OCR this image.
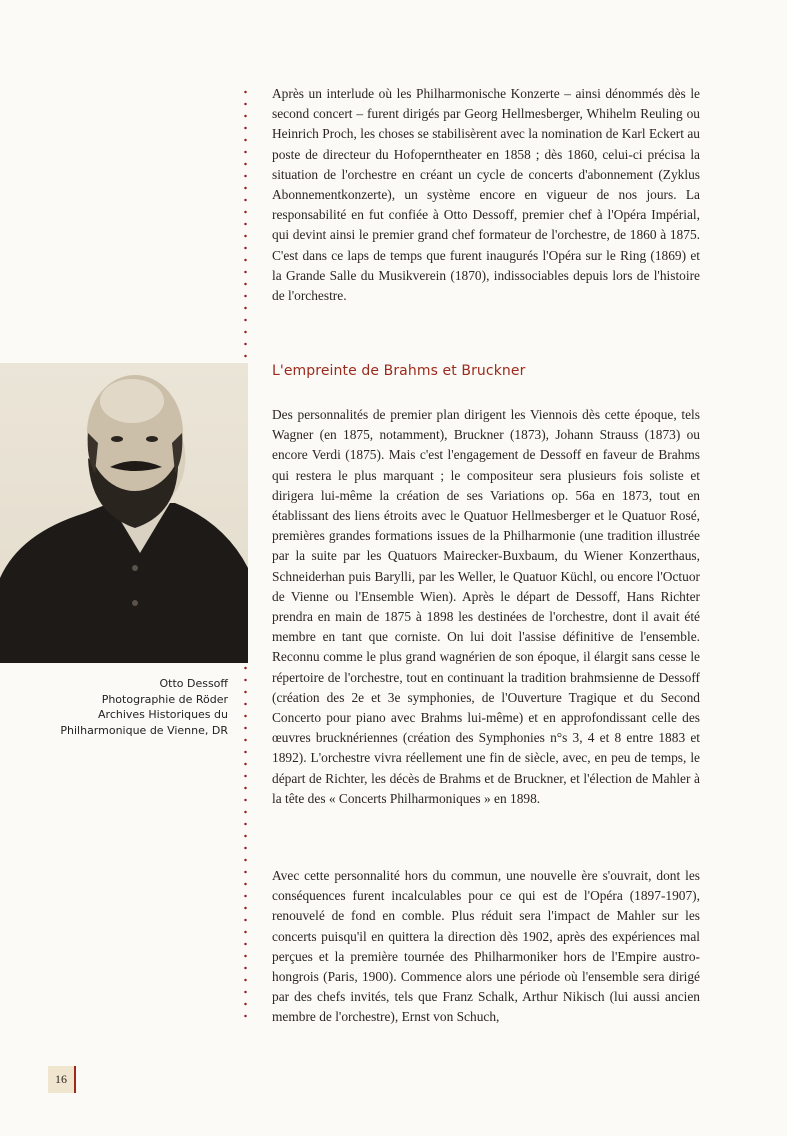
Après un interlude où les Philharmonische Konzerte – ainsi dénommés dès le second concert – furent dirigés par Georg Hellmesberger, Whihelm Reuling ou Heinrich Proch, les choses se stabilisèrent avec la nomination de Karl Eckert au poste de directeur du Hofoperntheater en 1858 ; dès 1860, celui-ci précisa la situation de l'orchestre en créant un cycle de concerts d'abonnement (Zyklus Abonnementkonzerte), un système encore en vigueur de nos jours. La responsabilité en fut confiée à Otto Dessoff, premier chef à l'Opéra Impérial, qui devint ainsi le premier grand chef formateur de l'orchestre, de 1860 à 1875. C'est dans ce laps de temps que furent inaugurés l'Opéra sur le Ring (1869) et la Grande Salle du Musikverein (1870), indissociables depuis lors de l'histoire de l'orchestre.

L'empreinte de Brahms et Bruckner

Des personnalités de premier plan dirigent les Viennois dès cette époque, tels Wagner (en 1875, notamment), Bruckner (1873), Johann Strauss (1873) ou encore Verdi (1875). Mais c'est l'engagement de Dessoff en faveur de Brahms qui restera le plus marquant ; le compositeur sera plusieurs fois soliste et dirigera lui-même la création de ses Variations op. 56a en 1873, tout en établissant des liens étroits avec le Quatuor Hellmesberger et le Quatuor Rosé, premières grandes formations issues de la Philharmonie (une tradition illustrée par la suite par les Quatuors Mairecker-Buxbaum, du Wiener Konzerthaus, Schneiderhan puis Barylli, par les Weller, le Quatuor Küchl, ou encore l'Octuor de Vienne ou l'Ensemble Wien). Après le départ de Dessoff, Hans Richter prendra en main de 1875 à 1898 les destinées de l'orchestre, dont il avait été membre en tant que corniste. On lui doit l'assise définitive de l'ensemble. Reconnu comme le plus grand wagnérien de son époque, il élargit sans cesse le répertoire de l'orchestre, tout en continuant la tradition brahmsienne de Dessoff (création des 2e et 3e symphonies, de l'Ouverture Tragique et du Second Concerto pour piano avec Brahms lui-même) et en approfondissant celle des œuvres brucknériennes (création des Symphonies n°s 3, 4 et 8 entre 1883 et 1892). L'orchestre vivra réellement une fin de siècle, avec, en peu de temps, le départ de Richter, les décès de Brahms et de Bruckner, et l'élection de Mahler à la tête des « Concerts Philharmoniques » en 1898.

Avec cette personnalité hors du commun, une nouvelle ère s'ouvrait, dont les conséquences furent incalculables pour ce qui est de l'Opéra (1897-1907), renouvelé de fond en comble. Plus réduit sera l'impact de Mahler sur les concerts puisqu'il en quittera la direction dès 1902, après des expériences mal perçues et la première tournée des Philharmoniker hors de l'Empire austro-hongrois (Paris, 1900). Commence alors une période où l'ensemble sera dirigé par des chefs invités, tels que Franz Schalk, Arthur Nikisch (lui aussi ancien membre de l'orchestre), Ernst von Schuch,

Otto Dessoff
Photographie de Röder
Archives Historiques du
Philharmonique de Vienne, DR
16
